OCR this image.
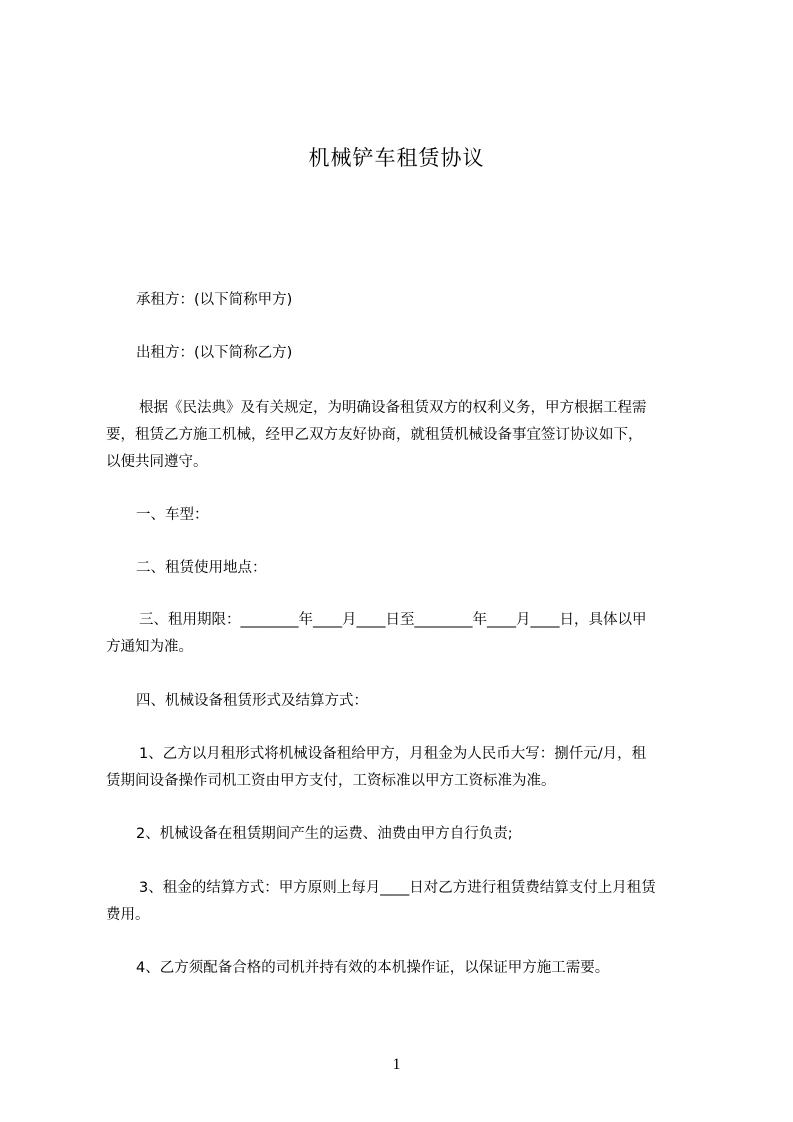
机械铲车租赁协议

承租方：(以下简称甲方)

出租方：(以下简称乙方)

根据《民法典》及有关规定，为明确设备租赁双方的权利义务，甲方根据工程需
要，租赁乙方施工机械，经甲乙双方友好协商，就租赁机械设备事宜签订协议如下，
以便共同遵守。

一、车型：

二、租赁使用地点：

三、租用期限：________年____月____日至________年____月____日，具体以甲
方通知为准。

四、机械设备租赁形式及结算方式：

1、乙方以月租形式将机械设备租给甲方，月租金为人民币大写：捌仟元/月，租
赁期间设备操作司机工资由甲方支付，工资标准以甲方工资标准为准。

2、机械设备在租赁期间产生的运费、油费由甲方自行负责;

3、租金的结算方式：甲方原则上每月____日对乙方进行租赁费结算支付上月租赁
费用。

4、乙方须配备合格的司机并持有效的本机操作证，以保证甲方施工需要。

1
